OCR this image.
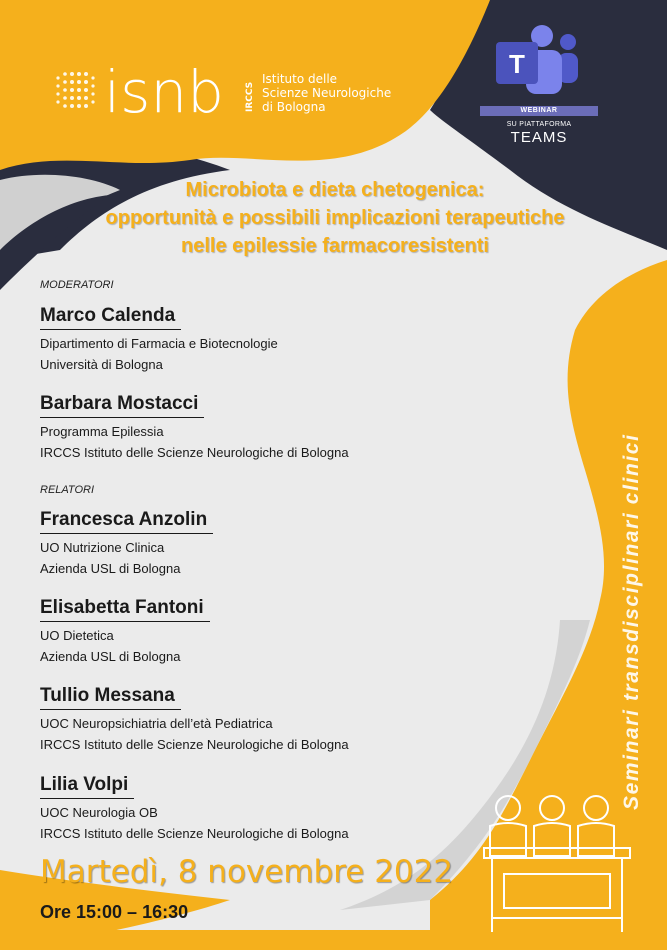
isnb IRCCS
Istituto delle
Scienze Neurologiche
di Bologna
T
WEBINAR
SU PIATTAFORMA
TEAMS
Microbiota e dieta chetogenica:
opportunità e possibili implicazioni terapeutiche
nelle epilessie farmacoresistenti
MODERATORI
Marco Calenda
Dipartimento di Farmacia e Biotecnologie
Università di Bologna
Barbara Mostacci
Programma Epilessia
IRCCS Istituto delle Scienze Neurologiche di Bologna
RELATORI
Francesca Anzolin
UO Nutrizione Clinica
Azienda USL di Bologna
Elisabetta Fantoni
UO Dietetica
Azienda USL di Bologna
Tullio Messana
UOC Neuropsichiatria dell’età Pediatrica
IRCCS Istituto delle Scienze Neurologiche di Bologna
Lilia Volpi
UOC Neurologia OB
IRCCS Istituto delle Scienze Neurologiche di Bologna
Martedì, 8 novembre 2022
Ore 15:00 – 16:30
Seminari transdisciplinari clinici
